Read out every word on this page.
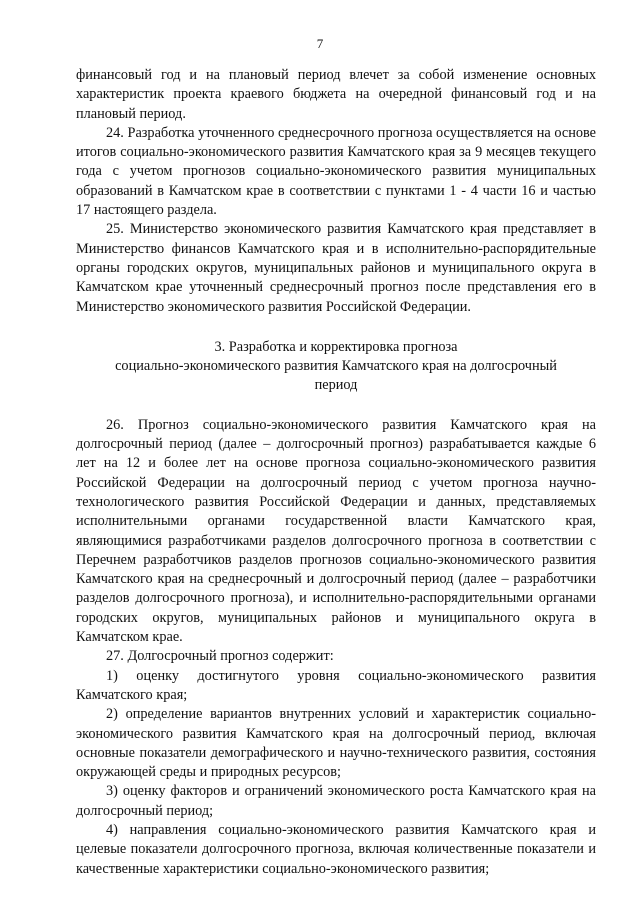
7

финансовый год и на плановый период влечет за собой изменение основных характеристик проекта краевого бюджета на очередной финансовый год и на плановый период.

24. Разработка уточненного среднесрочного прогноза осуществляется на основе итогов социально-экономического развития Камчатского края за 9 месяцев текущего года с учетом прогнозов социально-экономического развития муниципальных образований в Камчатском крае в соответствии с пунктами 1 - 4 части 16 и частью 17 настоящего раздела.

25. Министерство экономического развития Камчатского края представляет в Министерство финансов Камчатского края и в исполнительно-распорядительные органы городских округов, муниципальных районов и муниципального округа в Камчатском крае уточненный среднесрочный прогноз после представления его в Министерство экономического развития Российской Федерации.

3. Разработка и корректировка прогноза
социально-экономического развития Камчатского края на долгосрочный
период

26. Прогноз социально-экономического развития Камчатского края на долгосрочный период (далее – долгосрочный прогноз) разрабатывается каждые 6 лет на 12 и более лет на основе прогноза социально-экономического развития Российской Федерации на долгосрочный период с учетом прогноза научно-технологического развития Российской Федерации и данных, представляемых исполнительными органами государственной власти Камчатского края, являющимися разработчиками разделов долгосрочного прогноза в соответствии с Перечнем разработчиков разделов прогнозов социально-экономического развития Камчатского края на среднесрочный и долгосрочный период (далее – разработчики разделов долгосрочного прогноза), и исполнительно-распорядительными органами городских округов, муниципальных районов и муниципального округа в Камчатском крае.

27. Долгосрочный прогноз содержит:

1) оценку достигнутого уровня социально-экономического развития Камчатского края;

2) определение вариантов внутренних условий и характеристик социально-экономического развития Камчатского края на долгосрочный период, включая основные показатели демографического и научно-технического развития, состояния окружающей среды и природных ресурсов;

3) оценку факторов и ограничений экономического роста Камчатского края на долгосрочный период;

4) направления социально-экономического развития Камчатского края и целевые показатели долгосрочного прогноза, включая количественные показатели и качественные характеристики социально-экономического развития;
